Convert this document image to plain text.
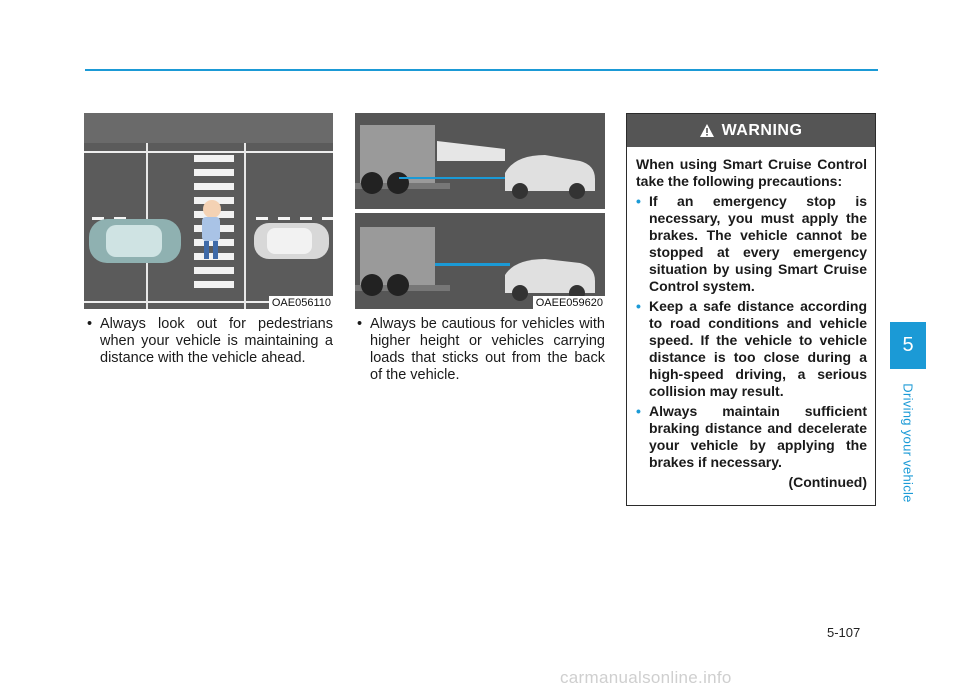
OAE056110	OAEE059620
• Always look out for pedestrians when your vehicle is maintaining a distance with the vehicle ahead.
• Always be cautious for vehicles with higher height or vehicles carrying loads that sticks out from the back of the vehicle.
WARNING
When using Smart Cruise Control take the following precautions:
• If an emergency stop is necessary, you must apply the brakes. The vehicle cannot be stopped at every emergency situation by using Smart Cruise Control system.
• Keep a safe distance according to road conditions and vehicle speed. If the vehicle to vehicle distance is too close during a high-speed driving, a serious collision may result.
• Always maintain sufficient braking distance and decelerate your vehicle by applying the brakes if necessary.
(Continued)
5
Driving your vehicle
5-107
carmanualsonline.info
